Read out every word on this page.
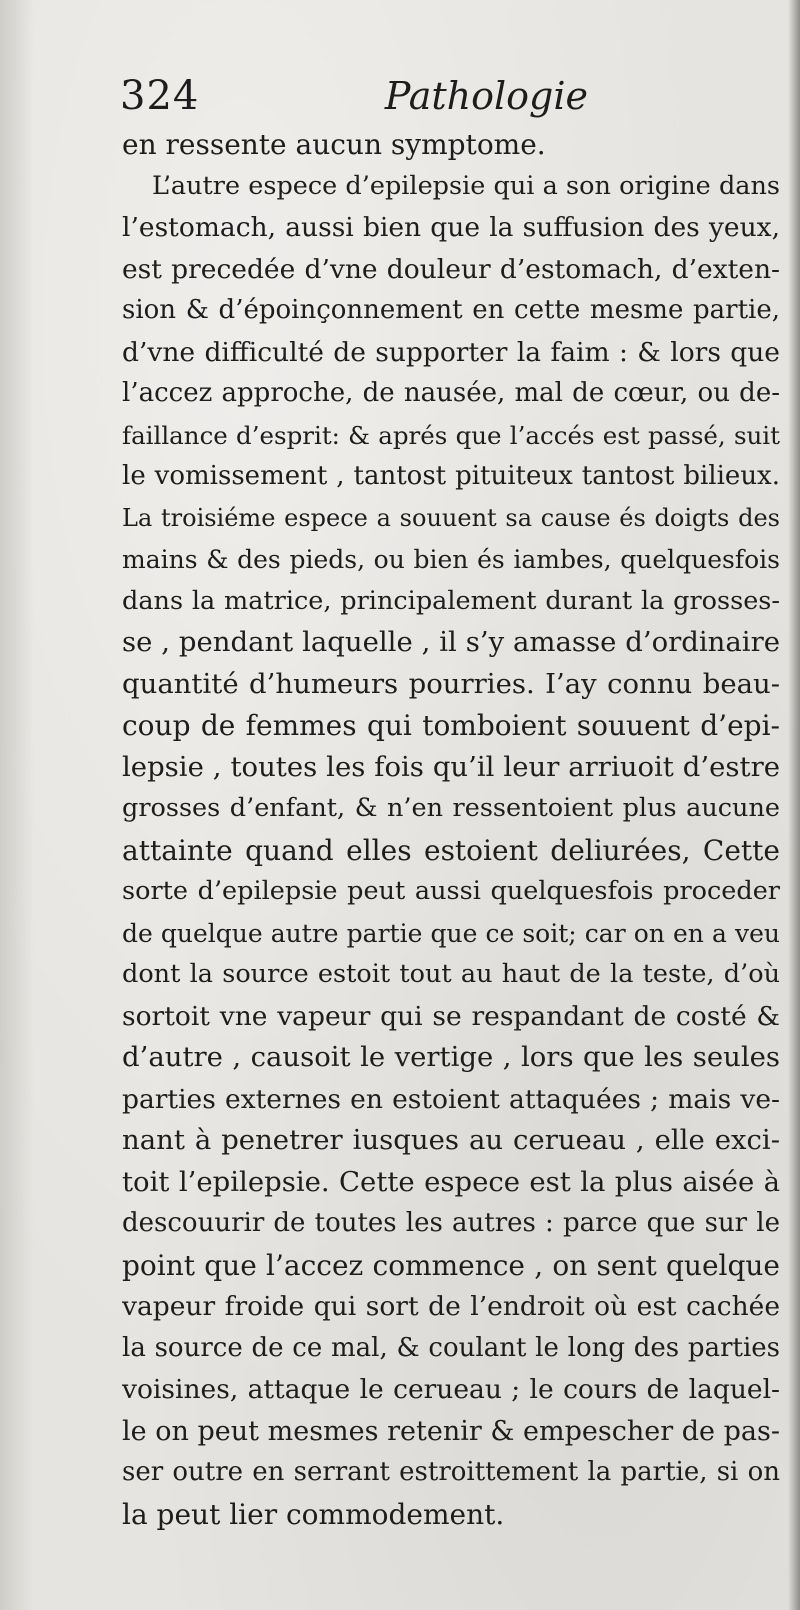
324	Pathologie
en ressente aucun symptome.
L’autre espece d’epilepsie qui a son origine dans
l’estomach, aussi bien que la suffusion des yeux,
est precedée d’vne douleur d’estomach, d’exten-
sion & d’époinçonnement en cette mesme partie,
d’vne difficulté de supporter la faim : & lors que
l’accez approche, de nausée, mal de cœur, ou de-
faillance d’esprit: & aprés que l’accés est passé, suit
le vomissement , tantost pituiteux tantost bilieux.
La troisiéme espece a souuent sa cause és doigts des
mains & des pieds, ou bien és iambes, quelquesfois
dans la matrice, principalement durant la grosses-
se , pendant laquelle , il s’y amasse d’ordinaire
quantité d’humeurs pourries. I’ay connu beau-
coup de femmes qui tomboient souuent d’epi-
lepsie , toutes les fois qu’il leur arriuoit d’estre
grosses d’enfant, & n’en ressentoient plus aucune
attainte quand elles estoient deliurées, Cette
sorte d’epilepsie peut aussi quelquesfois proceder
de quelque autre partie que ce soit; car on en a veu
dont la source estoit tout au haut de la teste, d’où
sortoit vne vapeur qui se respandant de costé &
d’autre , causoit le vertige , lors que les seules
parties externes en estoient attaquées ; mais ve-
nant à penetrer iusques au cerueau , elle exci-
toit l’epilepsie. Cette espece est la plus aisée à
descouurir de toutes les autres : parce que sur le
point que l’accez commence , on sent quelque
vapeur froide qui sort de l’endroit où est cachée
la source de ce mal, & coulant le long des parties
voisines, attaque le cerueau ; le cours de laquel-
le on peut mesmes retenir & empescher de pas-
ser outre en serrant estroittement la partie, si on
la peut lier commodement.
